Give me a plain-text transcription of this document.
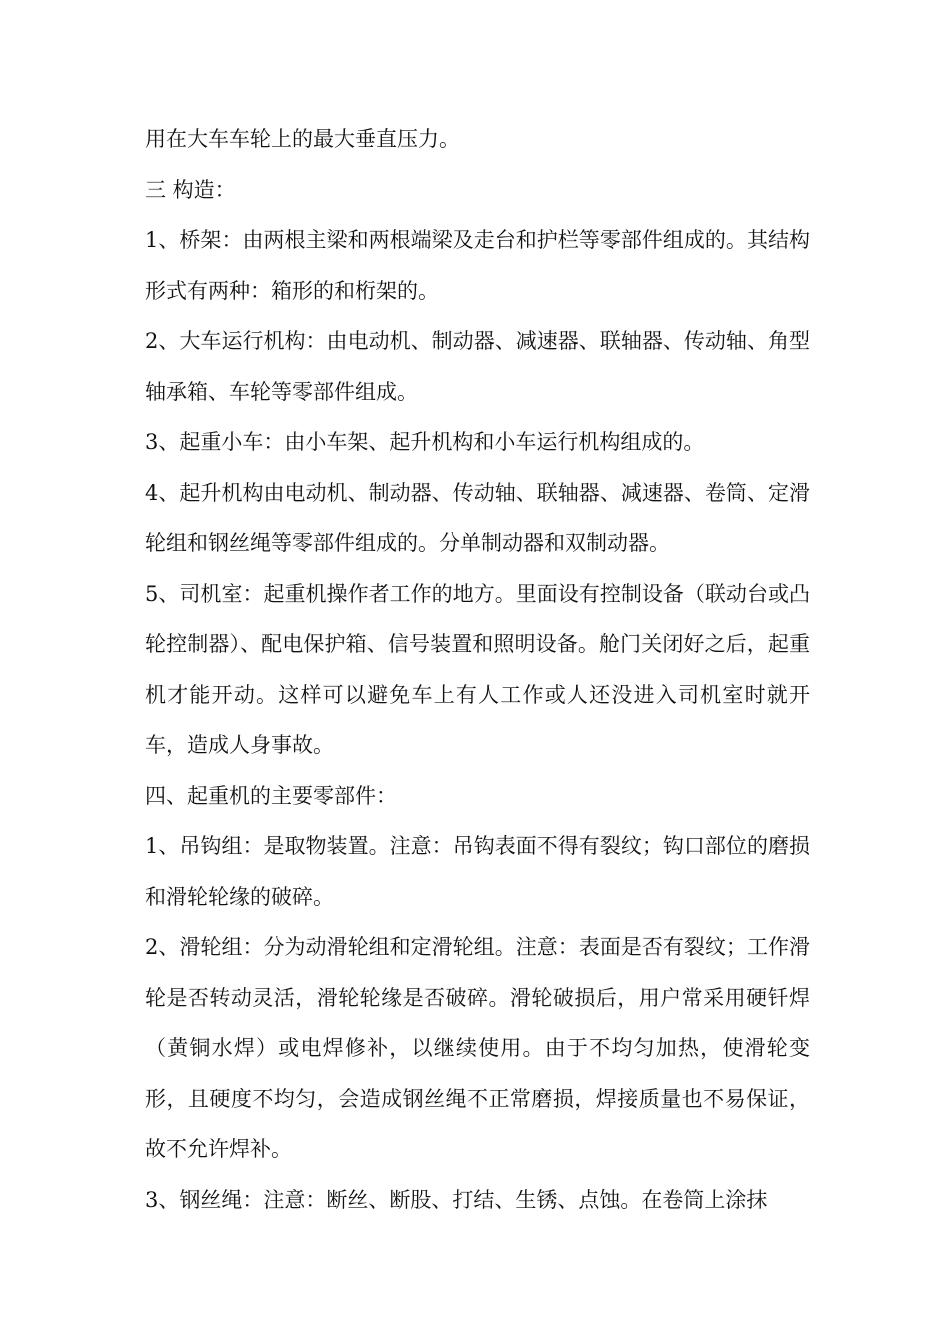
用在大车车轮上的最大垂直压力。

三 构造：

1、桥架：由两根主梁和两根端梁及走台和护栏等零部件组成的。其结构形式有两种：箱形的和桁架的。

2、大车运行机构：由电动机、制动器、减速器、联轴器、传动轴、角型轴承箱、车轮等零部件组成。

3、起重小车：由小车架、起升机构和小车运行机构组成的。

4、起升机构由电动机、制动器、传动轴、联轴器、减速器、卷筒、定滑轮组和钢丝绳等零部件组成的。分单制动器和双制动器。

5、司机室：起重机操作者工作的地方。里面设有控制设备（联动台或凸轮控制器）、配电保护箱、信号装置和照明设备。舱门关闭好之后，起重机才能开动。这样可以避免车上有人工作或人还没进入司机室时就开车，造成人身事故。

四、起重机的主要零部件：

1、吊钩组：是取物装置。注意：吊钩表面不得有裂纹；钩口部位的磨损和滑轮轮缘的破碎。

2、滑轮组：分为动滑轮组和定滑轮组。注意：表面是否有裂纹；工作滑轮是否转动灵活，滑轮轮缘是否破碎。滑轮破损后，用户常采用硬钎焊（黄铜水焊）或电焊修补，以继续使用。由于不均匀加热，使滑轮变形，且硬度不均匀，会造成钢丝绳不正常磨损，焊接质量也不易保证，故不允许焊补。

3、钢丝绳：注意：断丝、断股、打结、生锈、点蚀。在卷筒上涂抹
